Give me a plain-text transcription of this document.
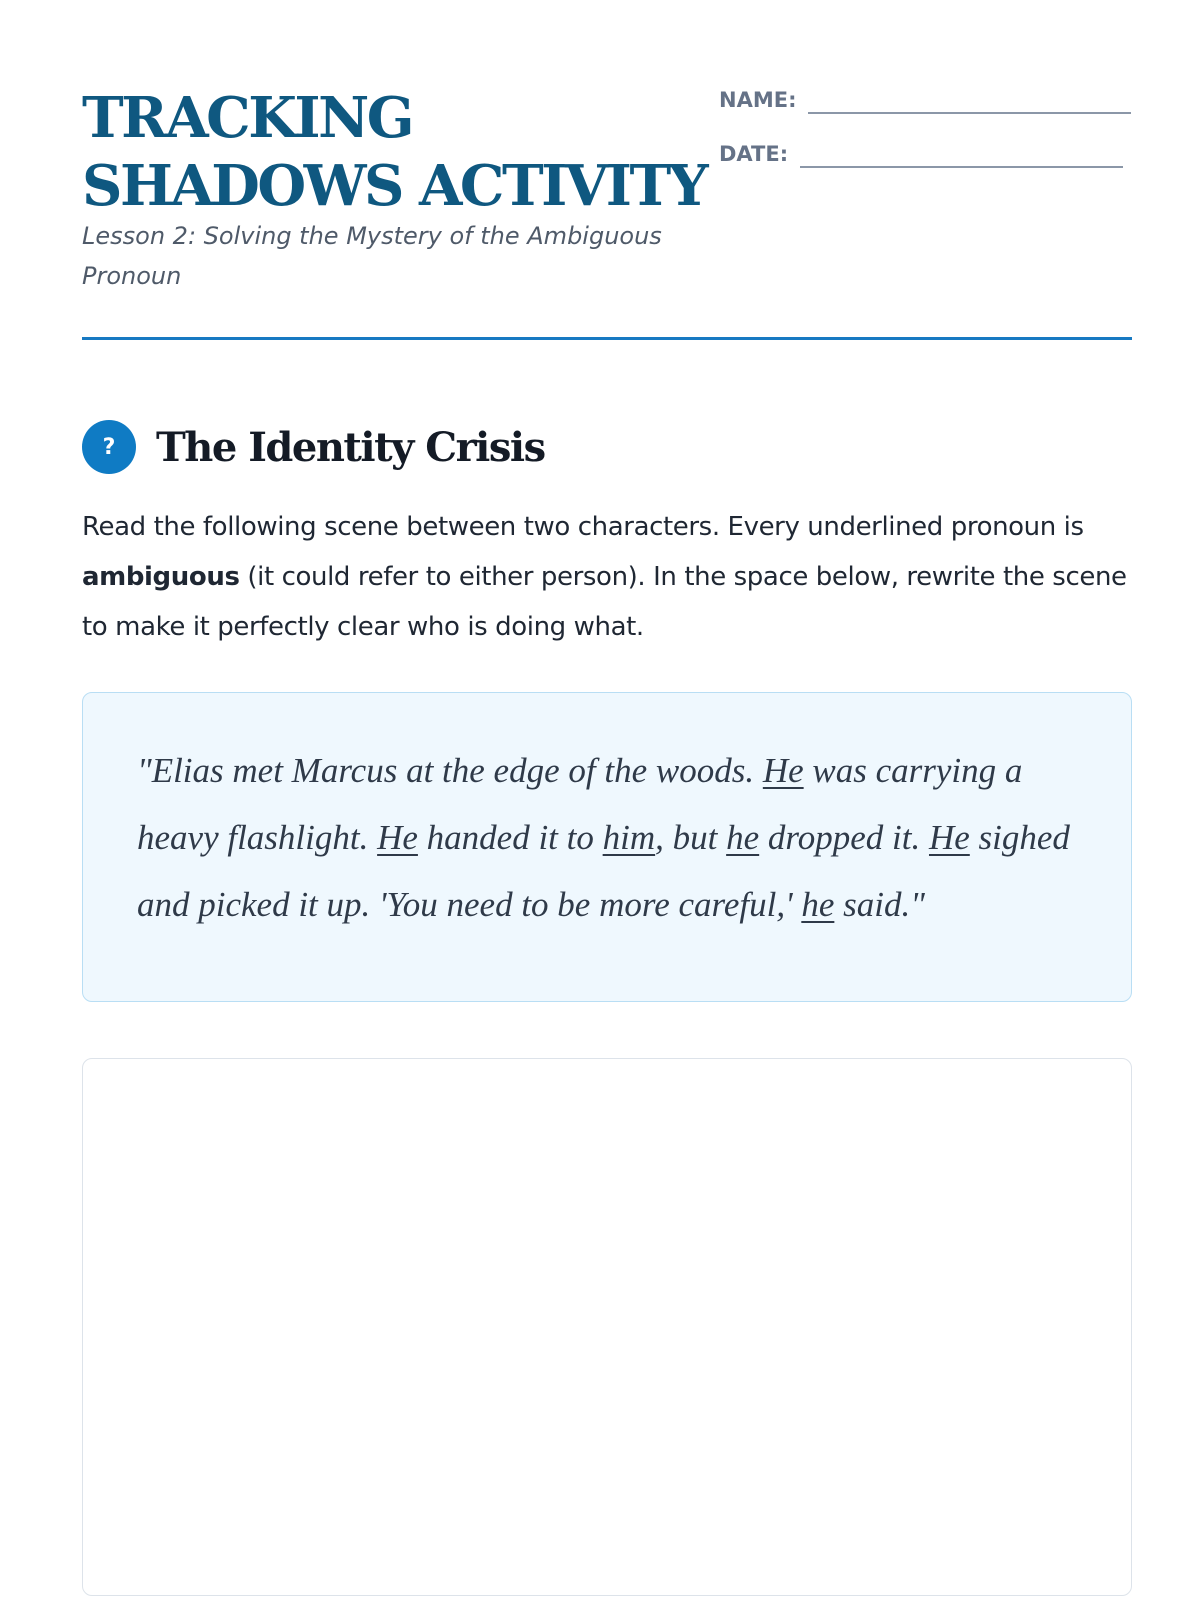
TRACKING SHADOWS ACTIVITY

Lesson 2: Solving the Mystery of the Ambiguous Pronoun

NAME:
DATE:
?	The Identity Crisis

Read the following scene between two characters. Every underlined pronoun is ambiguous (it could refer to either person). In the space below, rewrite the scene to make it perfectly clear who is doing what.

"Elias met Marcus at the edge of the woods. He was carrying a heavy flashlight. He handed it to him, but he dropped it. He sighed and picked it up. 'You need to be more careful,' he said."
